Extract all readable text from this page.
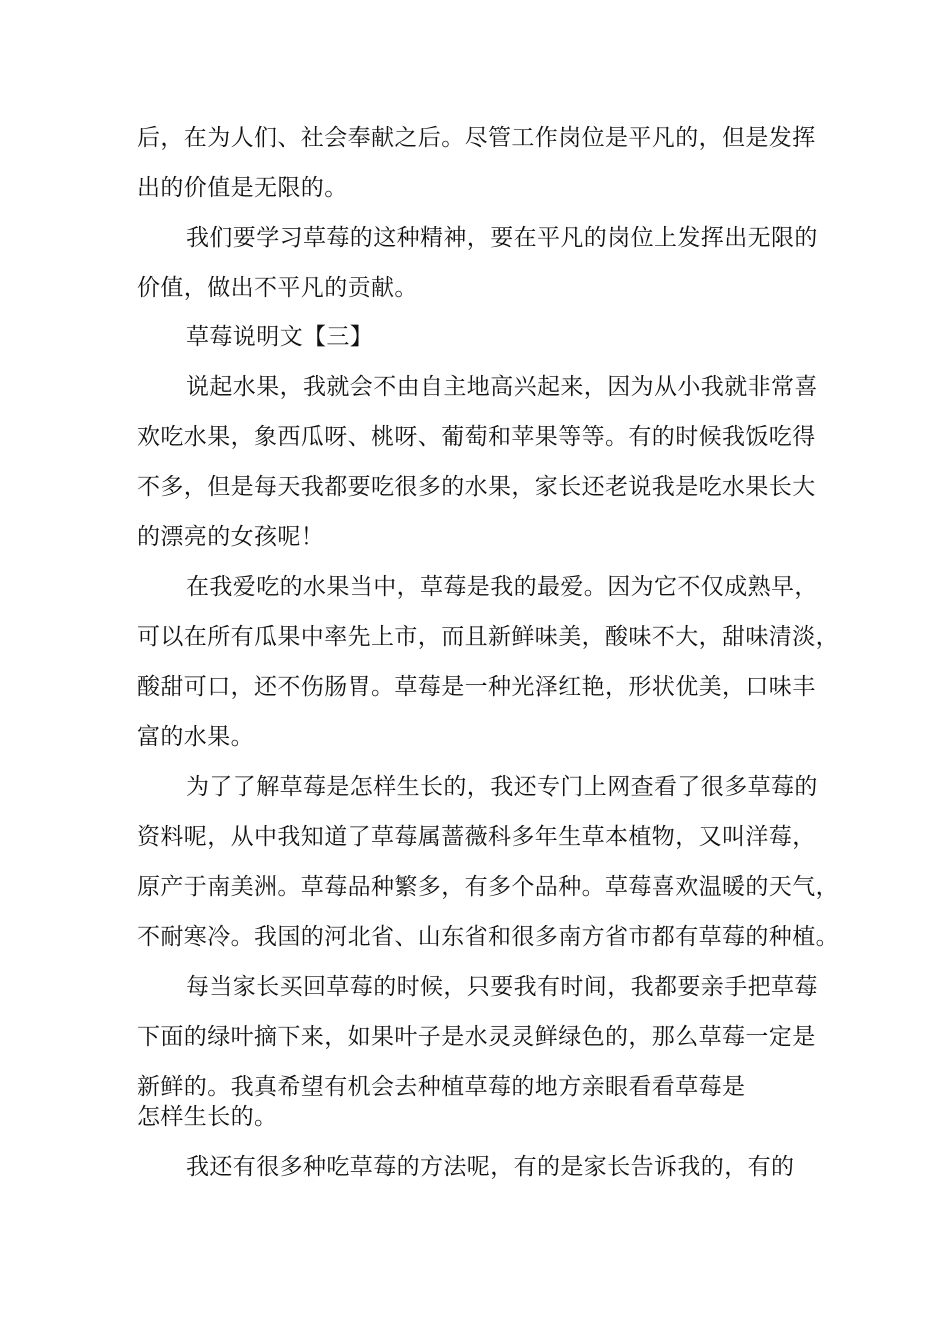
后，在为人们、社会奉献之后。尽管工作岗位是平凡的，但是发挥
出的价值是无限的。
我们要学习草莓的这种精神，要在平凡的岗位上发挥出无限的
价值，做出不平凡的贡献。
草莓说明文【三】
说起水果，我就会不由自主地高兴起来，因为从小我就非常喜
欢吃水果，象西瓜呀、桃呀、葡萄和苹果等等。有的时候我饭吃得
不多，但是每天我都要吃很多的水果，家长还老说我是吃水果长大
的漂亮的女孩呢！
在我爱吃的水果当中，草莓是我的最爱。因为它不仅成熟早，
可以在所有瓜果中率先上市，而且新鲜味美，酸味不大，甜味清淡，
酸甜可口，还不伤肠胃。草莓是一种光泽红艳，形状优美，口味丰
富的水果。
为了了解草莓是怎样生长的，我还专门上网查看了很多草莓的
资料呢，从中我知道了草莓属蔷薇科多年生草本植物，又叫洋莓，
原产于南美洲。草莓品种繁多，有多个品种。草莓喜欢温暖的天气，
不耐寒冷。我国的河北省、山东省和很多南方省市都有草莓的种植。
每当家长买回草莓的时候，只要我有时间，我都要亲手把草莓
下面的绿叶摘下来，如果叶子是水灵灵鲜绿色的，那么草莓一定是
新鲜的。我真希望有机会去种植草莓的地方亲眼看看草莓是
怎样生长的。
我还有很多种吃草莓的方法呢，有的是家长告诉我的，有的
